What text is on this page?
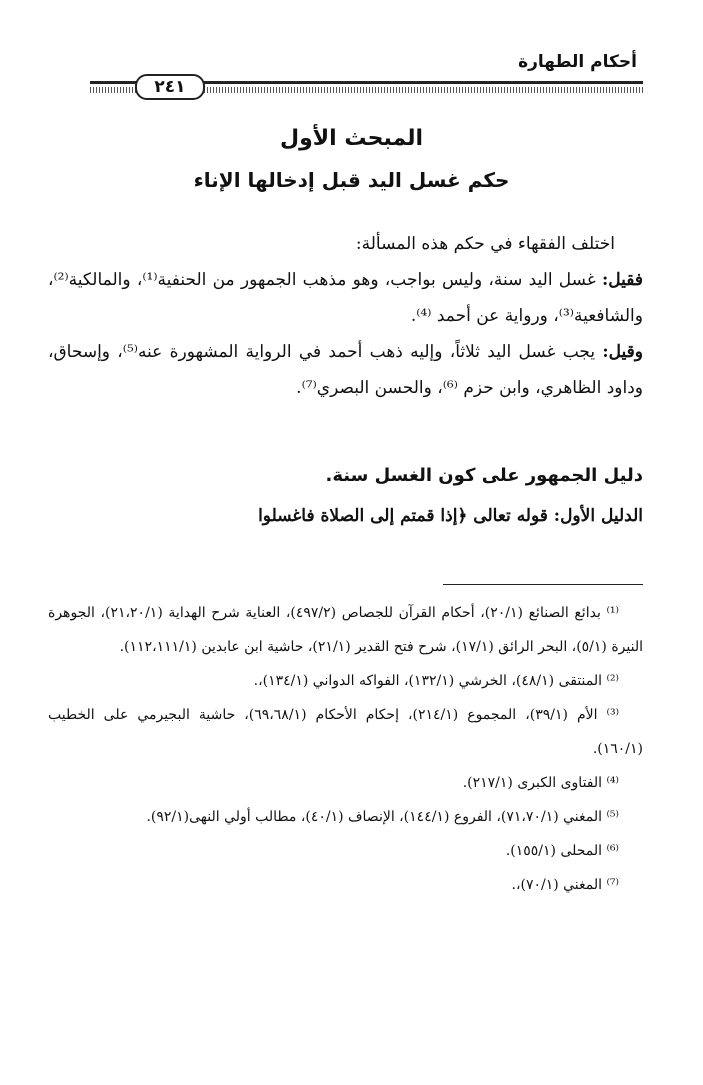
أحكام الطهارة
٢٤١
المبحث الأول
حكم غسل اليد قبل إدخالها الإناء

اختلف الفقهاء في حكم هذه المسألة:

فقيل: غسل اليد سنة، وليس بواجب، وهو مذهب الجمهور من الحنفية⁽¹⁾، والمالكية⁽²⁾، والشافعية⁽³⁾، ورواية عن أحمد ⁽⁴⁾.

وقيل: يجب غسل اليد ثلاثاً، وإليه ذهب أحمد في الرواية المشهورة عنه⁽⁵⁾، وإسحاق، وداود الظاهري، وابن حزم ⁽⁶⁾، والحسن البصري⁽⁷⁾.

دليل الجمهور على كون الغسل سنة.
الدليل الأول: قوله تعالى ﴿إذا قمتم إلى الصلاة فاغسلوا

⁽¹⁾ بدائع الصنائع (٢٠/١)، أحكام القرآن للجصاص (٤٩٧/٢)، العناية شرح الهداية (٢١،٢٠/١)، الجوهرة النيرة (٥/١)، البحر الرائق (١٧/١)، شرح فتح القدير (٢١/١)، حاشية ابن عابدين (١١٢،١١١/١).

⁽²⁾ المنتقى (٤٨/١)، الخرشي (١٣٢/١)، الفواكه الدواني (١٣٤/١)،.

⁽³⁾ الأم (٣٩/١)، المجموع (٢١٤/١)، إحكام الأحكام (٦٩،٦٨/١)، حاشية البجيرمي على الخطيب (١٦٠/١).

⁽⁴⁾ الفتاوى الكبرى (٢١٧/١).

⁽⁵⁾ المغني (٧١،٧٠/١)، الفروع (١٤٤/١)، الإنصاف (٤٠/١)، مطالب أولي النهى(٩٢/١).

⁽⁶⁾ المحلى (١٥٥/١).

⁽⁷⁾ المغني (٧٠/١)،.
